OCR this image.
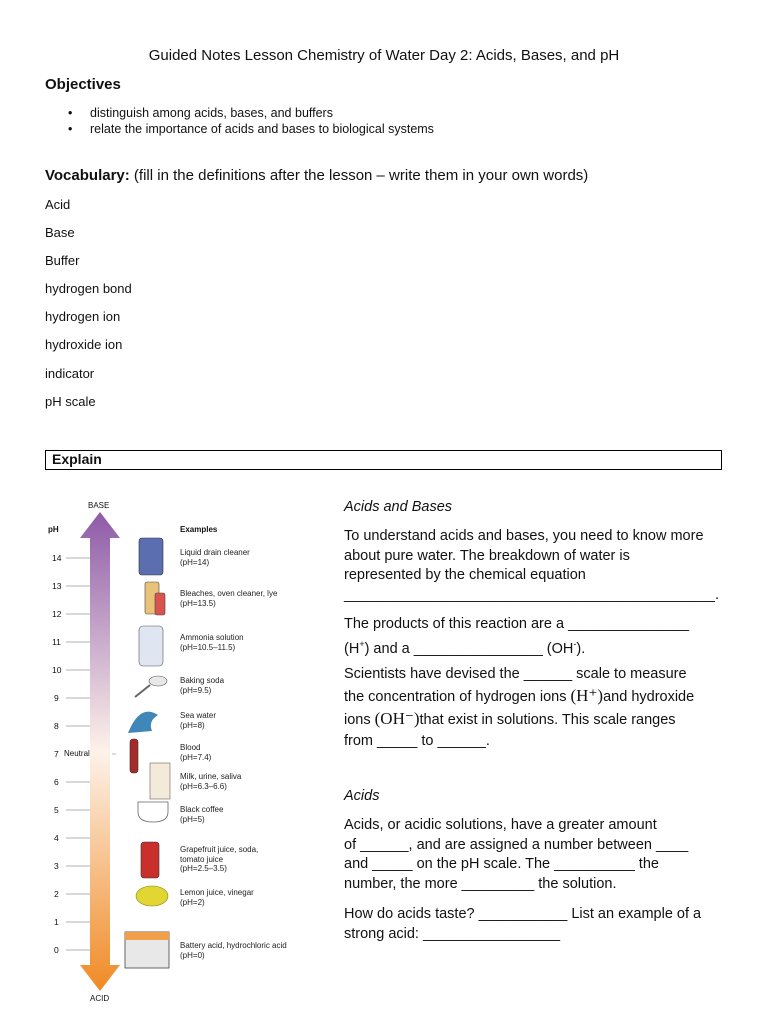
Guided Notes Lesson Chemistry of Water Day 2: Acids, Bases, and pH
Objectives
• distinguish among acids, bases, and buffers
• relate the importance of acids and bases to biological systems
Vocabulary: (fill in the definitions after the lesson – write them in your own words)
Acid
Base
Buffer
hydrogen bond
hydrogen ion
hydroxide ion
indicator
pH scale
Explain
BASE
ACID
pH	Examples
Neutral
14
13
12
11
10
9
8
7
6
5
4
3
2
1
0
Liquid drain cleaner
(pH=14)
Bleaches, oven cleaner, lye
(pH=13.5)
Ammonia solution
(pH=10.5–11.5)
Baking soda
(pH=9.5)
Sea water
(pH=8)
Blood
(pH=7.4)
Milk, urine, saliva
(pH=6.3–6.6)
Black coffee
(pH=5)
Grapefruit juice, soda,
tomato juice
(pH=2.5–3.5)
Lemon juice, vinegar
(pH=2)
Battery acid, hydrochloric acid
(pH=0)
Acids and Bases
To understand acids and bases, you need to know more
about pure water. The breakdown of water is
represented by the chemical equation
______________________________________________.
The products of this reaction are a _______________
(H+) and a ________________ (OH-).
Scientists have devised the ______ scale to measure
the concentration of hydrogen ions (H⁺)and hydroxide
ions (OH⁻)that exist in solutions. This scale ranges
from _____ to ______.
Acids
Acids, or acidic solutions, have a greater amount
of ______, and are assigned a number between ____
and _____ on the pH scale. The __________ the
number, the more _________ the solution.
How do acids taste? ___________ List an example of a
strong acid: _________________
